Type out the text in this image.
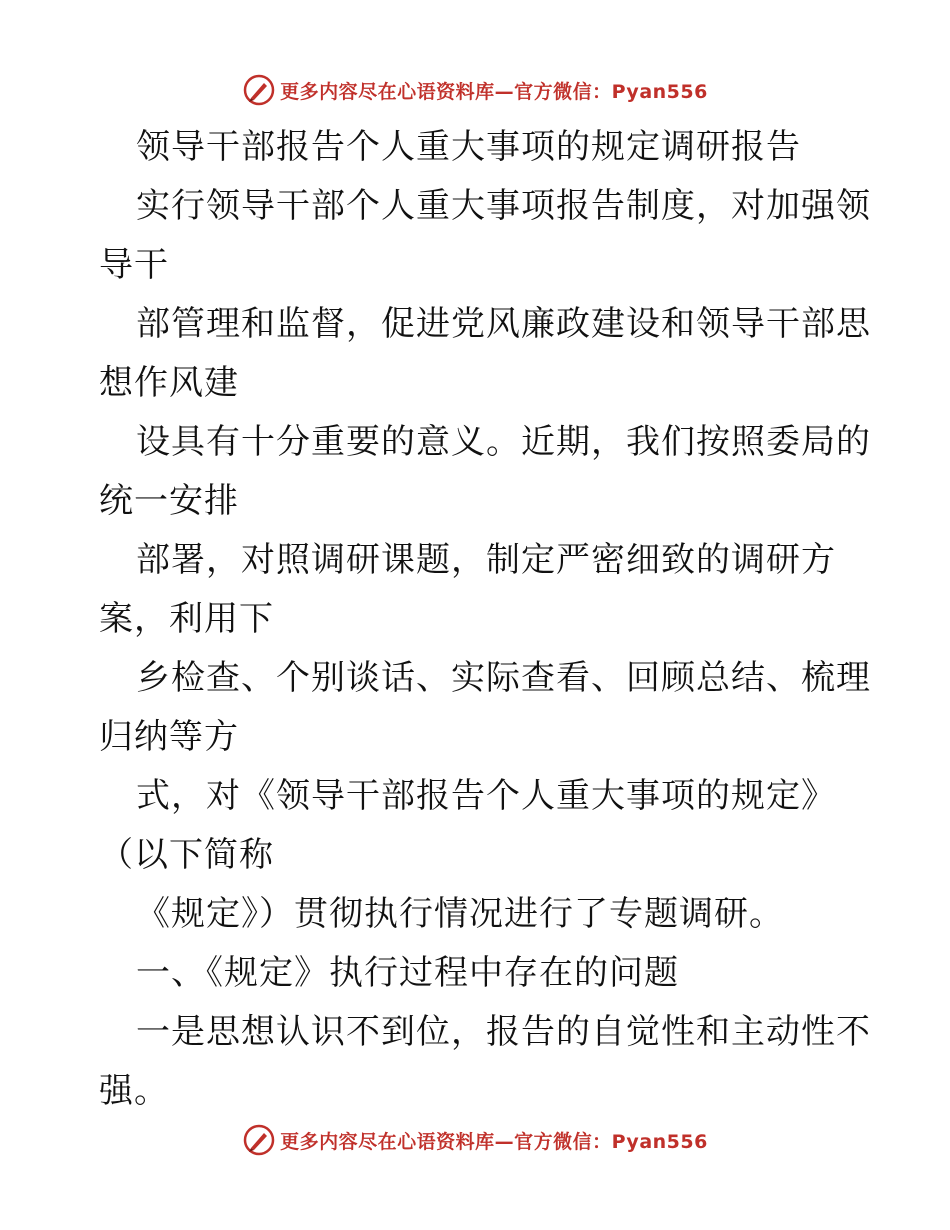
更多内容尽在心语资料库—官方微信：Pyan556
领导干部报告个人重大事项的规定调研报告
实行领导干部个人重大事项报告制度，对加强领
导干
部管理和监督，促进党风廉政建设和领导干部思
想作风建
设具有十分重要的意义。近期，我们按照委局的
统一安排
部署，对照调研课题，制定严密细致的调研方
案，利用下
乡检查、个别谈话、实际查看、回顾总结、梳理
归纳等方
式，对《领导干部报告个人重大事项的规定》
（以下简称
《规定》）贯彻执行情况进行了专题调研。
一、《规定》执行过程中存在的问题
一是思想认识不到位，报告的自觉性和主动性不
强。
更多内容尽在心语资料库—官方微信：Pyan556
